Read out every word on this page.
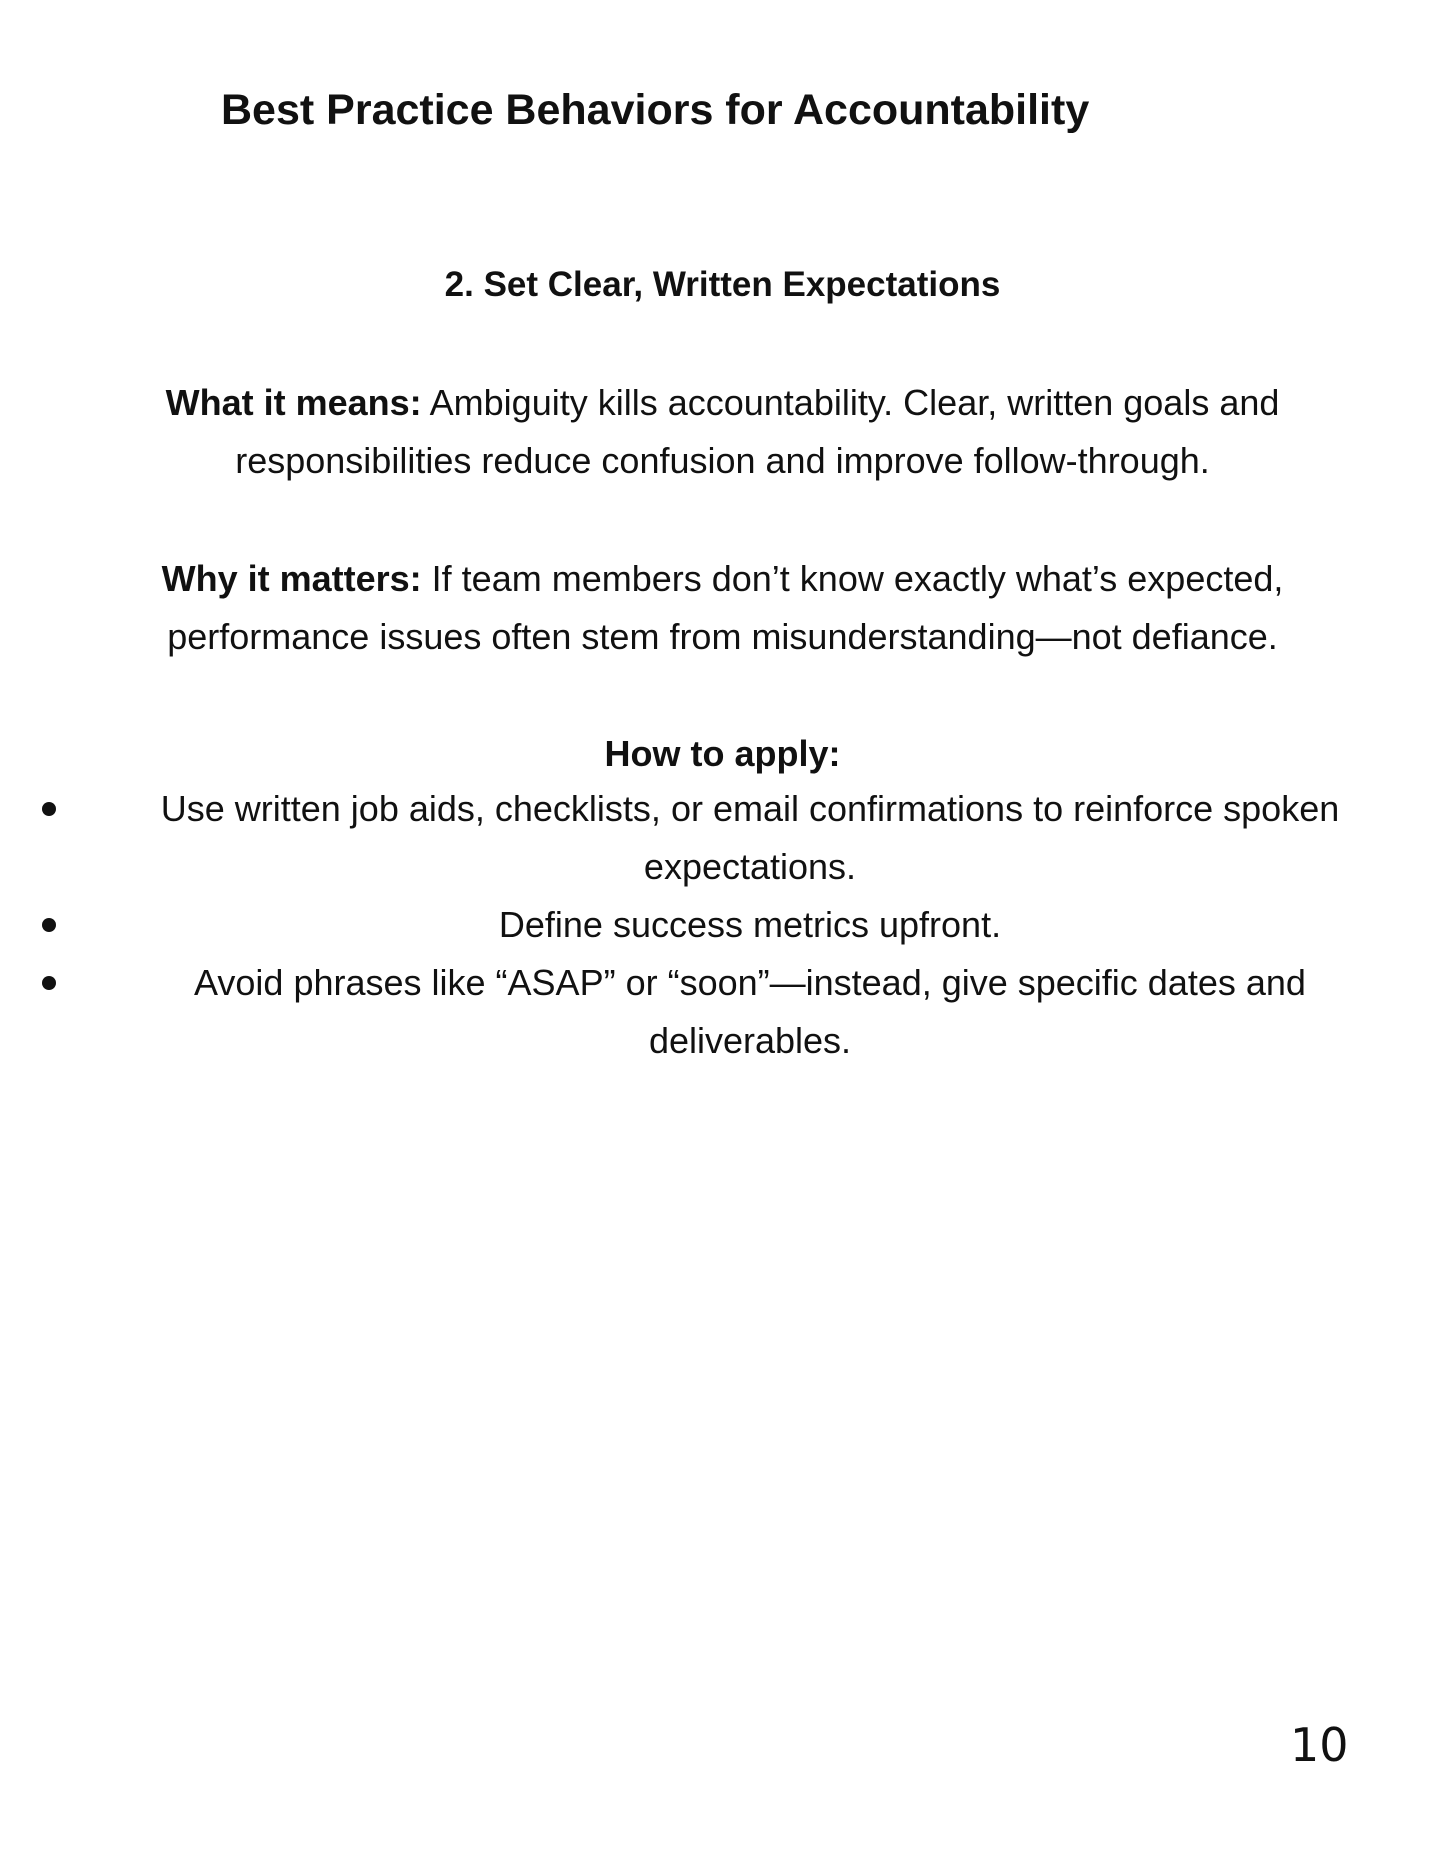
Best Practice Behaviors for Accountability
2. Set Clear, Written Expectations

What it means: Ambiguity kills accountability. Clear, written goals and responsibilities reduce confusion and improve follow-through.

Why it matters: If team members don’t know exactly what’s expected, performance issues often stem from misunderstanding—not defiance.

How to apply:
Use written job aids, checklists, or email confirmations to reinforce spoken expectations.
Define success metrics upfront.
Avoid phrases like “ASAP” or “soon”—instead, give specific dates and deliverables.
10
